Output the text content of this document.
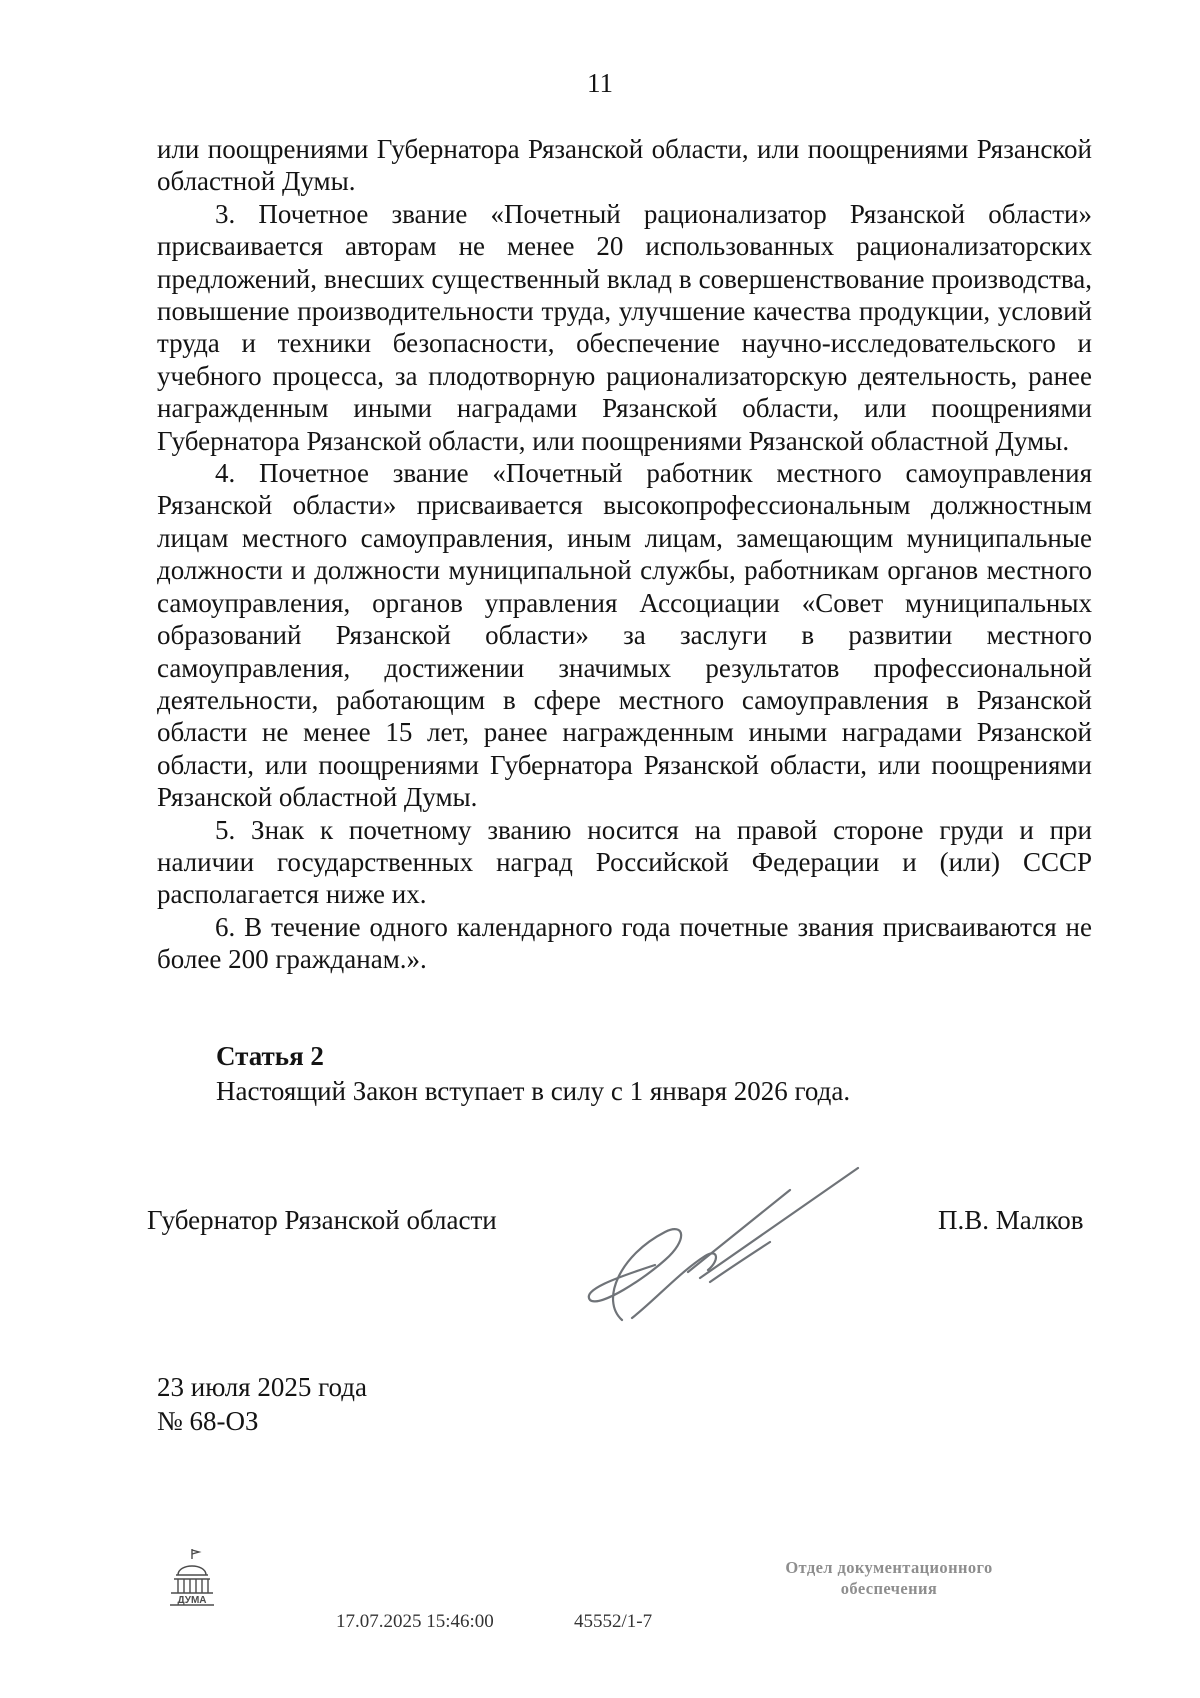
11

или поощрениями Губернатора Рязанской области, или поощрениями Рязанской областной Думы.

3. Почетное звание «Почетный рационализатор Рязанской области» присваивается авторам не менее 20 использованных рационализаторских предложений, внесших существенный вклад в совершенствование производства, повышение производительности труда, улучшение качества продукции, условий труда и техники безопасности, обеспечение научно-исследовательского и учебного процесса, за плодотворную рационализаторскую деятельность, ранее награжденным иными наградами Рязанской области, или поощрениями Губернатора Рязанской области, или поощрениями Рязанской областной Думы.

4. Почетное звание «Почетный работник местного самоуправления Рязанской области» присваивается высокопрофессиональным должностным лицам местного самоуправления, иным лицам, замещающим муниципальные должности и должности муниципальной службы, работникам органов местного самоуправления, органов управления Ассоциации «Совет муниципальных образований Рязанской области» за заслуги в развитии местного самоуправления, достижении значимых результатов профессиональной деятельности, работающим в сфере местного самоуправления в Рязанской области не менее 15 лет, ранее награжденным иными наградами Рязанской области, или поощрениями Губернатора Рязанской области, или поощрениями Рязанской областной Думы.

5. Знак к почетному званию носится на правой стороне груди и при наличии государственных наград Российской Федерации и (или) СССР располагается ниже их.

6. В течение одного календарного года почетные звания присваиваются не более 200 гражданам.».

Статья 2
Настоящий Закон вступает в силу с 1 января 2026 года.
Губернатор Рязанской области	П.В. Малков
23 июля 2025 года
№ 68-ОЗ
ДУМА
17.07.2025 15:46:00	45552/1-7
Отдел документационного
обеспечения
